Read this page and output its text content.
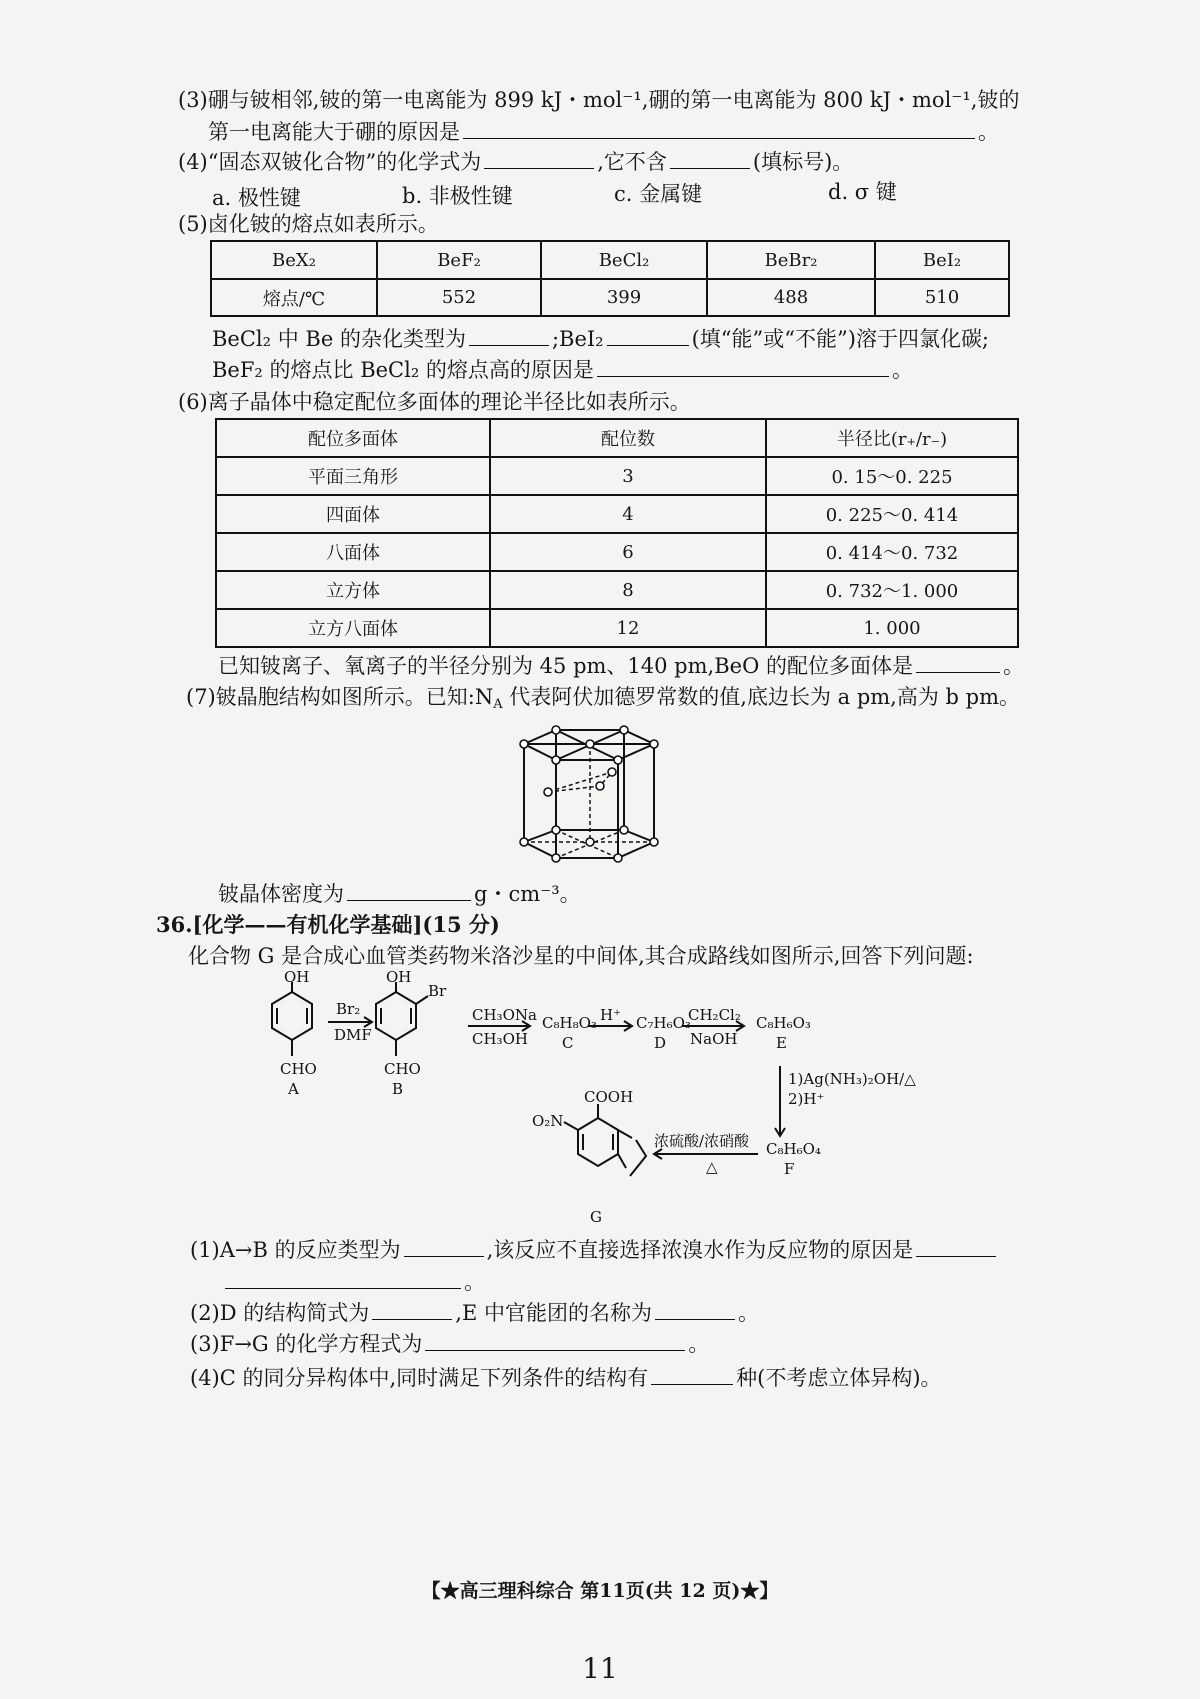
(3)硼与铍相邻,铍的第一电离能为 899 kJ・mol⁻¹,硼的第一电离能为 800 kJ・mol⁻¹,铍的
第一电离能大于硼的原因是	。
(4)“固态双铍化合物”的化学式为	,它不含	(填标号)。
a. 极性键	b. 非极性键	c. 金属键	d. σ 键
(5)卤化铍的熔点如表所示。
BeX₂	BeF₂	BeCl₂	BeBr₂	BeI₂
熔点/℃	552	399	488	510
BeCl₂ 中 Be 的杂化类型为	;BeI₂	(填“能”或“不能”)溶于四氯化碳;
BeF₂ 的熔点比 BeCl₂ 的熔点高的原因是	。
(6)离子晶体中稳定配位多面体的理论半径比如表所示。
配位多面体	配位数	半径比(r₊/r₋)
平面三角形	3	0. 15～0. 225
四面体	4	0. 225～0. 414
八面体	6	0. 414～0. 732
立方体	8	0. 732～1. 000
立方八面体	12	1. 000
已知铍离子、氧离子的半径分别为 45 pm、140 pm,BeO 的配位多面体是	。
(7)铍晶胞结构如图所示。已知$:N_A$ 代表阿伏加德罗常数的值,底边长为 a pm,高为 b pm。
铍晶体密度为	g・cm⁻³。
36.[化学——有机化学基础](15 分)
化合物 G 是合成心血管类药物米洛沙星的中间体,其合成路线如图所示,回答下列问题:
OH
CHO
A
Br₂
DMF
OH
Br
CHO
B
CH₃ONa
CH₃OH
C₈H₈O₃
C
H⁺ C₇H₆O₃
D
CH₂Cl₂
NaOH
C₈H₆O₃
E
1)Ag(NH₃)₂OH/△
2)H⁺
C₈H₆O₄
F
浓硫酸/浓硝酸
△
COOH
O₂N
G
(1)A→B 的反应类型为	,该反应不直接选择浓溴水作为反应物的原因是
。
(2)D 的结构简式为	,E 中官能团的名称为	。
(3)F→G 的化学方程式为	。
(4)C 的同分异构体中,同时满足下列条件的结构有	种(不考虑立体异构)。
【★高三理科综合 第11页(共 12 页)★】
11
